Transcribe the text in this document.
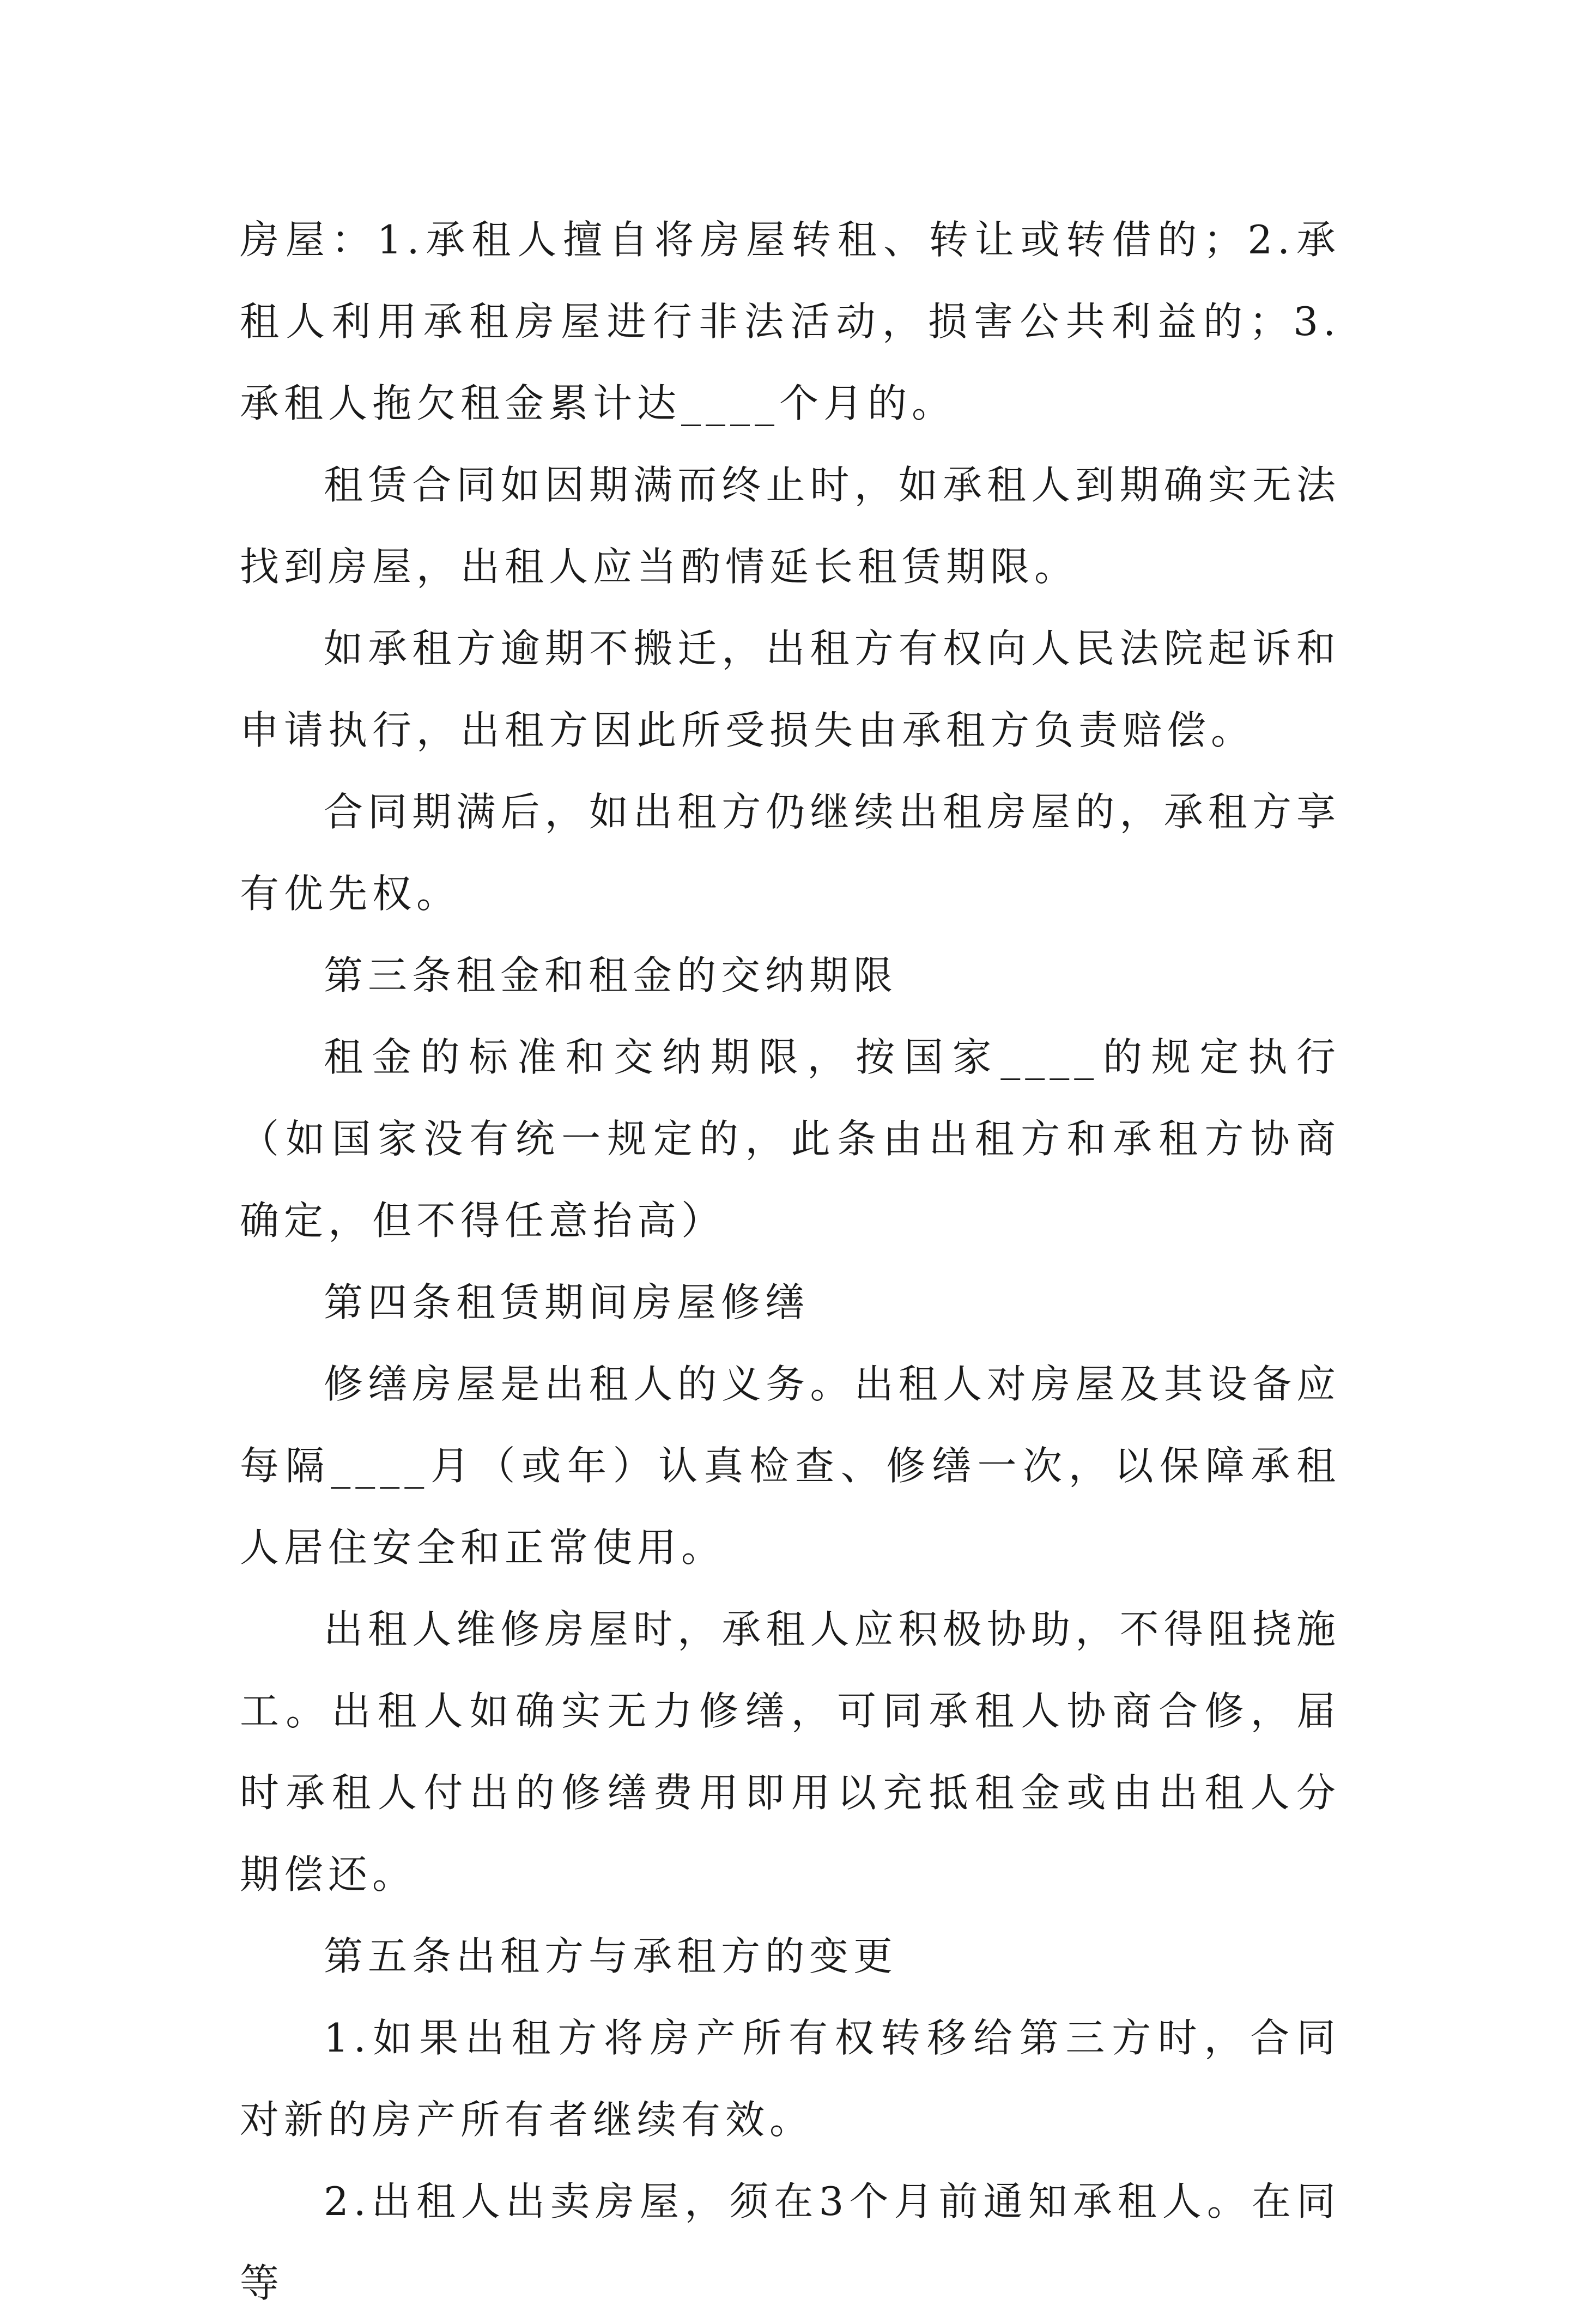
房屋：1.承租人擅自将房屋转租、转让或转借的；2.承租人利用承租房屋进行非法活动，损害公共利益的；3.承租人拖欠租金累计达____个月的。

租赁合同如因期满而终止时，如承租人到期确实无法找到房屋，出租人应当酌情延长租赁期限。

如承租方逾期不搬迁，出租方有权向人民法院起诉和申请执行，出租方因此所受损失由承租方负责赔偿。

合同期满后，如出租方仍继续出租房屋的，承租方享有优先权。

第三条租金和租金的交纳期限

租金的标准和交纳期限，按国家____的规定执行（如国家没有统一规定的，此条由出租方和承租方协商确定，但不得任意抬高）

第四条租赁期间房屋修缮

修缮房屋是出租人的义务。出租人对房屋及其设备应每隔____月（或年）认真检查、修缮一次，以保障承租人居住安全和正常使用。

出租人维修房屋时，承租人应积极协助，不得阻挠施工。出租人如确实无力修缮，可同承租人协商合修，届时承租人付出的修缮费用即用以充抵租金或由出租人分期偿还。

第五条出租方与承租方的变更

1.如果出租方将房产所有权转移给第三方时，合同对新的房产所有者继续有效。

2.出租人出卖房屋，须在3个月前通知承租人。在同等
